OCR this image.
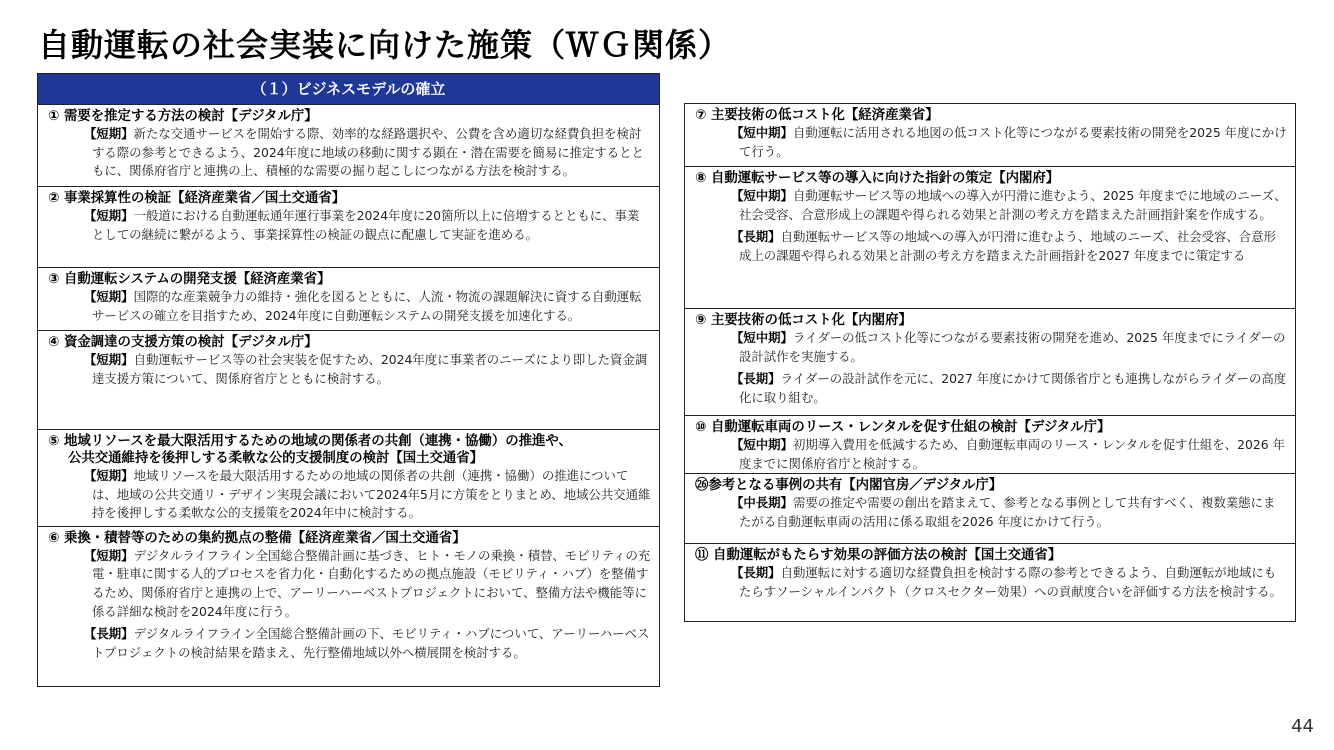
自動運転の社会実装に向けた施策（ＷＧ関係）
（１）ビジネスモデルの確立
① 需要を推定する方法の検討【デジタル庁】
【短期】新たな交通サービスを開始する際、効率的な経路選択や、公費を含め適切な経費負担を検討する際の参考とできるよう、2024年度に地域の移動に関する顕在・潜在需要を簡易に推定するとともに、関係府省庁と連携の上、積極的な需要の掘り起こしにつながる方法を検討する。
② 事業採算性の検証【経済産業省／国土交通省】
【短期】一般道における自動運転通年運行事業を2024年度に20箇所以上に倍増するとともに、事業としての継続に繋がるよう、事業採算性の検証の観点に配慮して実証を進める。
③ 自動運転システムの開発支援【経済産業省】
【短期】国際的な産業競争力の維持・強化を図るとともに、人流・物流の課題解決に資する自動運転サービスの確立を目指すため、2024年度に自動運転システムの開発支援を加速化する。
④ 資金調達の支援方策の検討【デジタル庁】
【短期】自動運転サービス等の社会実装を促すため、2024年度に事業者のニーズにより即した資金調達支援方策について、関係府省庁とともに検討する。
⑤ 地域リソースを最大限活用するための地域の関係者の共創（連携・協働）の推進や、
公共交通維持を後押しする柔軟な公的支援制度の検討【国土交通省】
【短期】地域リソースを最大限活用するための地域の関係者の共創（連携・協働）の推進については、地域の公共交通リ・デザイン実現会議において2024年5月に方策をとりまとめ、地域公共交通維持を後押しする柔軟な公的支援策を2024年中に検討する。
⑥ 乗換・積替等のための集約拠点の整備【経済産業省／国土交通省】
【短期】デジタルライフライン全国総合整備計画に基づき、ヒト・モノの乗換・積替、モビリティの充電・駐車に関する人的プロセスを省力化・自動化するための拠点施設（モビリティ・ハブ）を整備するため、関係府省庁と連携の上で、アーリーハーベストプロジェクトにおいて、整備方法や機能等に係る詳細な検討を2024年度に行う。
【長期】デジタルライフライン全国総合整備計画の下、モビリティ・ハブについて、アーリーハーベストプロジェクトの検討結果を踏まえ、先行整備地域以外へ横展開を検討する。
⑦ 主要技術の低コスト化【経済産業省】
【短中期】自動運転に活用される地図の低コスト化等につながる要素技術の開発を2025 年度にかけて行う。
⑧ 自動運転サービス等の導入に向けた指針の策定【内閣府】
【短中期】自動運転サービス等の地域への導入が円滑に進むよう、2025 年度までに地域のニーズ、社会受容、合意形成上の課題や得られる効果と計測の考え方を踏まえた計画指針案を作成する。
【長期】自動運転サービス等の地域への導入が円滑に進むよう、地域のニーズ、社会受容、合意形成上の課題や得られる効果と計測の考え方を踏まえた計画指針を2027 年度までに策定する
⑨ 主要技術の低コスト化【内閣府】
【短中期】ライダーの低コスト化等につながる要素技術の開発を進め、2025 年度までにライダーの設計試作を実施する。
【長期】ライダーの設計試作を元に、2027 年度にかけて関係省庁とも連携しながらライダーの高度化に取り組む。
⑩ 自動運転車両のリース・レンタルを促す仕組の検討【デジタル庁】
【短中期】初期導入費用を低減するため、自動運転車両のリース・レンタルを促す仕組を、2026 年度までに関係府省庁と検討する。
㉖参考となる事例の共有【内閣官房／デジタル庁】
【中長期】需要の推定や需要の創出を踏まえて、参考となる事例として共有すべく、複数業態にまたがる自動運転車両の活用に係る取組を2026 年度にかけて行う。
⑪ 自動運転がもたらす効果の評価方法の検討【国土交通省】
【長期】自動運転に対する適切な経費負担を検討する際の参考とできるよう、自動運転が地域にもたらすソーシャルインパクト（クロスセクター効果）への貢献度合いを評価する方法を検討する。
44
